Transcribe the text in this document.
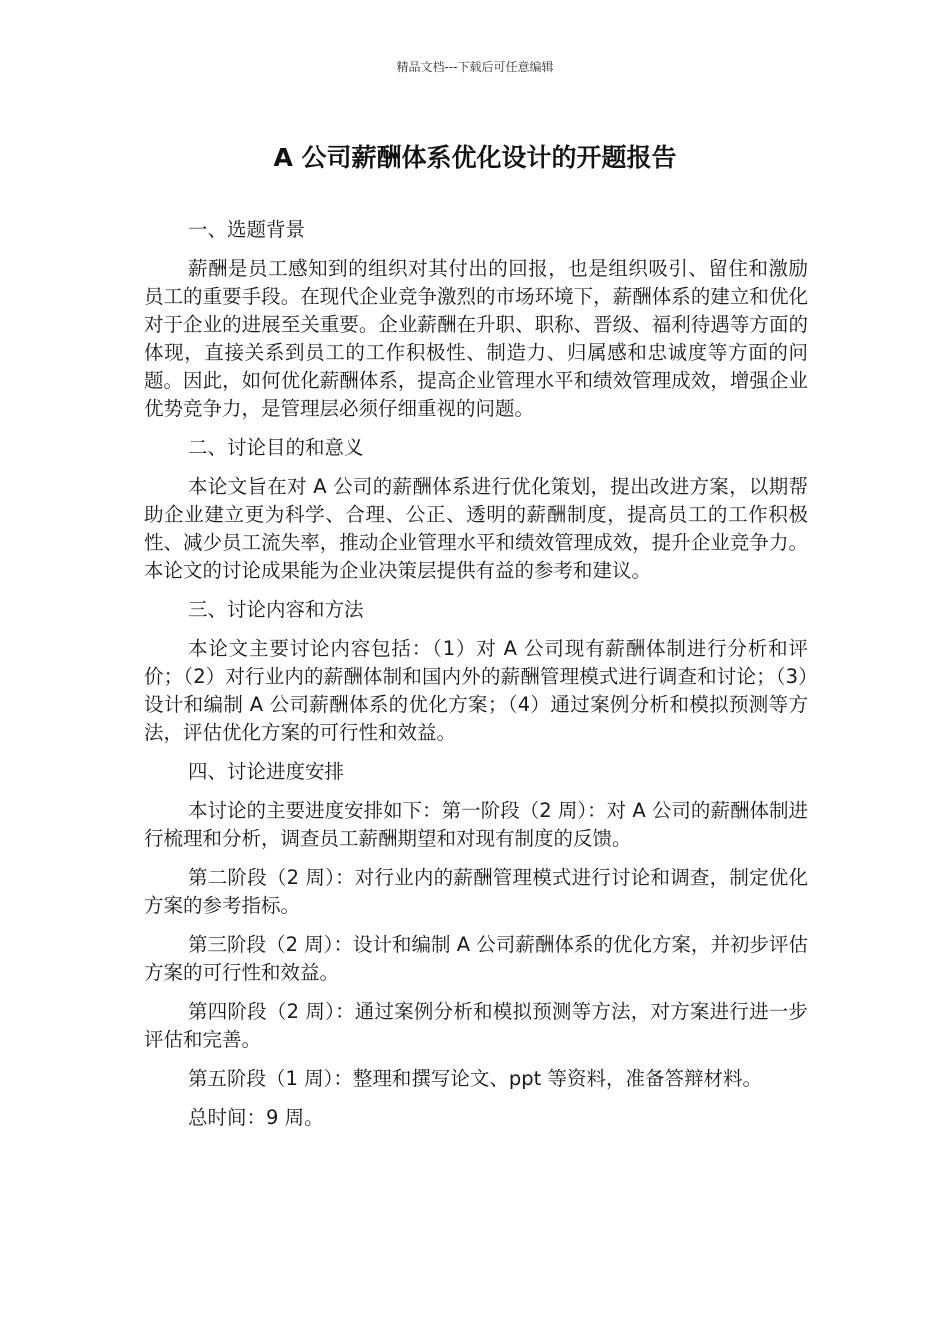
精品文档---下载后可任意编辑
A 公司薪酬体系优化设计的开题报告
一、选题背景
薪酬是员工感知到的组织对其付出的回报，也是组织吸引、留住和激励员工的重要手段。在现代企业竞争激烈的市场环境下，薪酬体系的建立和优化对于企业的进展至关重要。企业薪酬在升职、职称、晋级、福利待遇等方面的体现，直接关系到员工的工作积极性、制造力、归属感和忠诚度等方面的问题。因此，如何优化薪酬体系，提高企业管理水平和绩效管理成效，增强企业优势竞争力，是管理层必须仔细重视的问题。
二、讨论目的和意义
本论文旨在对 A 公司的薪酬体系进行优化策划，提出改进方案，以期帮助企业建立更为科学、合理、公正、透明的薪酬制度，提高员工的工作积极性、减少员工流失率，推动企业管理水平和绩效管理成效，提升企业竞争力。本论文的讨论成果能为企业决策层提供有益的参考和建议。
三、讨论内容和方法
本论文主要讨论内容包括：（1）对 A 公司现有薪酬体制进行分析和评价；（2）对行业内的薪酬体制和国内外的薪酬管理模式进行调查和讨论；（3）设计和编制 A 公司薪酬体系的优化方案；（4）通过案例分析和模拟预测等方法，评估优化方案的可行性和效益。
四、讨论进度安排
本讨论的主要进度安排如下：第一阶段（2 周）：对 A 公司的薪酬体制进行梳理和分析，调查员工薪酬期望和对现有制度的反馈。
第二阶段（2 周）：对行业内的薪酬管理模式进行讨论和调查，制定优化方案的参考指标。
第三阶段（2 周）：设计和编制 A 公司薪酬体系的优化方案，并初步评估方案的可行性和效益。
第四阶段（2 周）：通过案例分析和模拟预测等方法，对方案进行进一步评估和完善。
第五阶段（1 周）：整理和撰写论文、ppt 等资料，准备答辩材料。
总时间：9 周。
